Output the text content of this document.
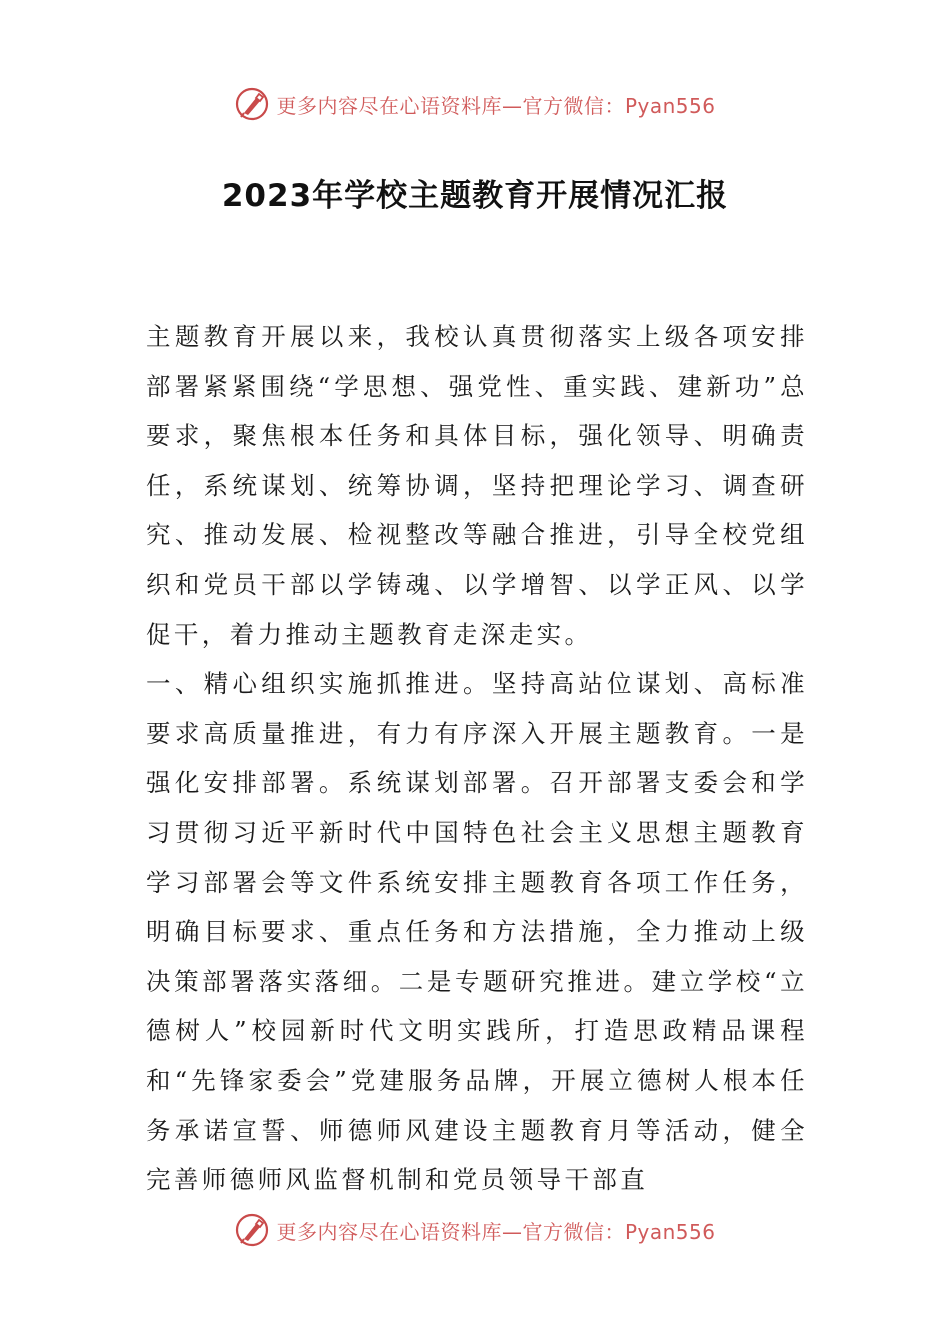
更多内容尽在心语资料库—官方微信：Pyan556
2023年学校主题教育开展情况汇报

主题教育开展以来，我校认真贯彻落实上级各项安排部署紧紧围绕“学思想、强党性、重实践、建新功”总要求，聚焦根本任务和具体目标，强化领导、明确责任，系统谋划、统筹协调，坚持把理论学习、调查研究、推动发展、检视整改等融合推进，引导全校党组织和党员干部以学铸魂、以学增智、以学正风、以学促干，着力推动主题教育走深走实。

一、精心组织实施抓推进。坚持高站位谋划、高标准要求高质量推进，有力有序深入开展主题教育。一是强化安排部署。系统谋划部署。召开部署支委会和学习贯彻习近平新时代中国特色社会主义思想主题教育学习部署会等文件系统安排主题教育各项工作任务，明确目标要求、重点任务和方法措施，全力推动上级决策部署落实落细。二是专题研究推进。建立学校“立德树人”校园新时代文明实践所，打造思政精品课程和“先锋家委会”党建服务品牌，开展立德树人根本任务承诺宣誓、师德师风建设主题教育月等活动，健全完善师德师风监督机制和党员领导干部直

更多内容尽在心语资料库—官方微信：Pyan556
